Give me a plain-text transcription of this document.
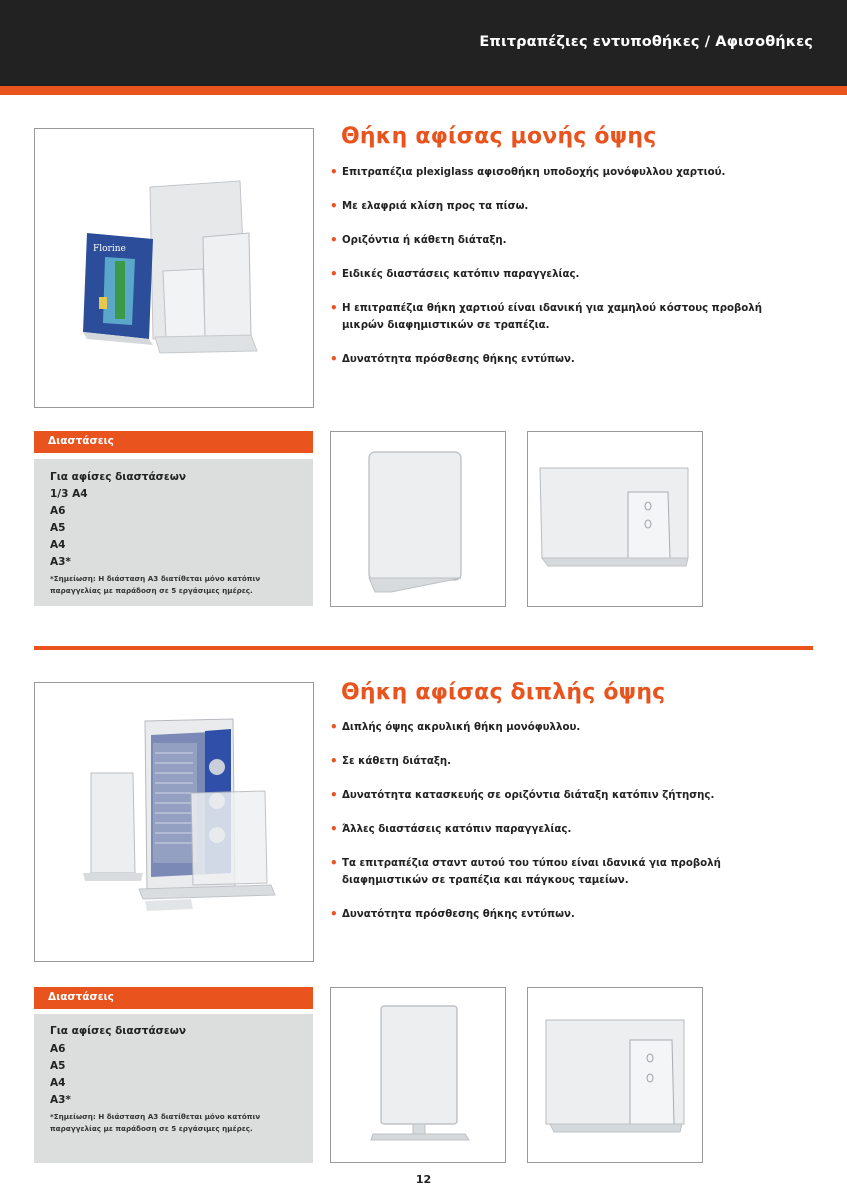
Επιτραπέζιες εντυποθήκες / Αφισοθήκες
Florine
Θήκη αφίσας μονής όψης
• Επιτραπέζια plexiglass αφισοθήκη υποδοχής μονόφυλλου χαρτιού.
• Με ελαφριά κλίση προς τα πίσω.
• Οριζόντια ή κάθετη διάταξη.
• Ειδικές διαστάσεις κατόπιν παραγγελίας.
• Η επιτραπέζια θήκη χαρτιού είναι ιδανική για χαμηλού κόστους προβολή μικρών διαφημιστικών σε τραπέζια.
• Δυνατότητα πρόσθεσης θήκης εντύπων.
Διαστάσεις
Για αφίσες διαστάσεων
1/3 Α4
Α6
Α5
Α4
Α3*
*Σημείωση: Η διάσταση Α3 διατίθεται μόνο κατόπιν παραγγελίας με παράδοση σε 5 εργάσιμες ημέρες.
Θήκη αφίσας διπλής όψης
• Διπλής όψης ακρυλική θήκη μονόφυλλου.
• Σε κάθετη διάταξη.
• Δυνατότητα κατασκευής σε οριζόντια διάταξη κατόπιν ζήτησης.
• Άλλες διαστάσεις κατόπιν παραγγελίας.
• Τα επιτραπέζια σταντ αυτού του τύπου είναι ιδανικά για προβολή διαφημιστικών σε τραπέζια και πάγκους ταμείων.
• Δυνατότητα πρόσθεσης θήκης εντύπων.
Διαστάσεις
Για αφίσες διαστάσεων
Α6
Α5
Α4
Α3*
*Σημείωση: Η διάσταση Α3 διατίθεται μόνο κατόπιν παραγγελίας με παράδοση σε 5 εργάσιμες ημέρες.
12
